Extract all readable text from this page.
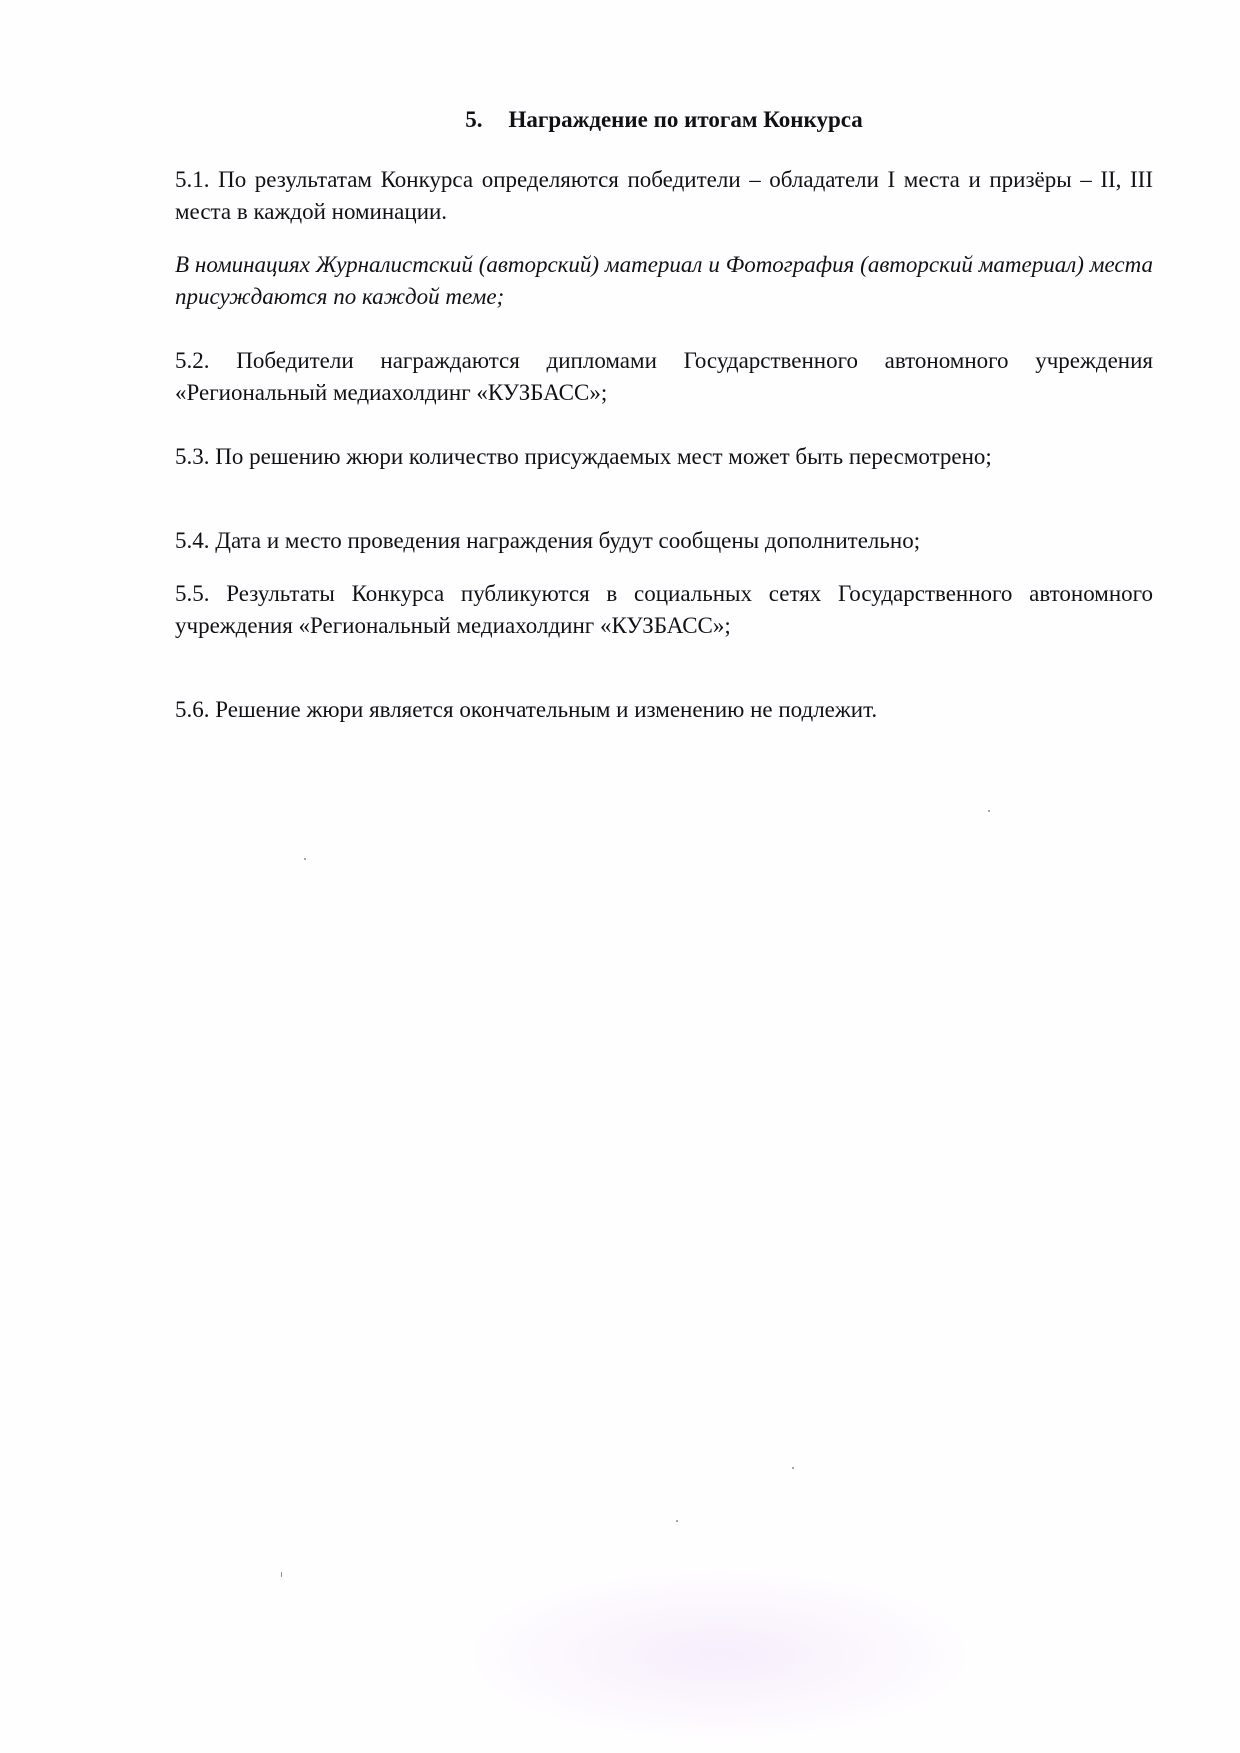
5. Награждение по итогам Конкурса

5.1. По результатам Конкурса определяются победители – обладатели I места и призёры – II, III места в каждой номинации.

В номинациях Журналистский (авторский) материал и Фотография (авторский материал) места присуждаются по каждой теме;

5.2. Победители награждаются дипломами Государственного автономного учреждения «Региональный медиахолдинг «КУЗБАСС»;

5.3. По решению жюри количество присуждаемых мест может быть пересмотрено;

5.4. Дата и место проведения награждения будут сообщены дополнительно;

5.5. Результаты Конкурса публикуются в социальных сетях Государственного автономного учреждения «Региональный медиахолдинг «КУЗБАСС»;

5.6. Решение жюри является окончательным и изменению не подлежит.
